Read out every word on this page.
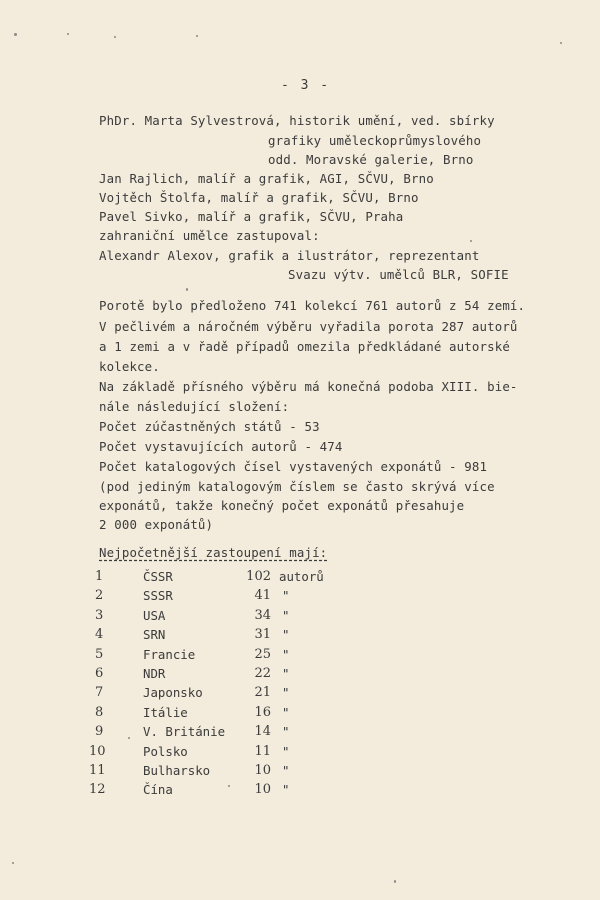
- 3 -
PhDr. Marta Sylvestrová, historik umění, ved. sbírky
grafiky uměleckoprůmyslového
odd. Moravské galerie, Brno
Jan Rajlich, malíř a grafik, AGI, SČVU, Brno
Vojtěch Štolfa, malíř a grafik, SČVU, Brno
Pavel Sivko, malíř a grafik, SČVU, Praha
zahraniční umělce zastupoval:
Alexandr Alexov, grafik a ilustrátor, reprezentant
Svazu výtv. umělců BLR, SOFIE
Porotě bylo předloženo 741 kolekcí 761 autorů z 54 zemí.
V pečlivém a náročném výběru vyřadila porota 287 autorů
a 1 zemi a v řadě případů omezila předkládané autorské
kolekce.
Na základě přísného výběru má konečná podoba XIII. bie-
nále následující složení:
Počet zúčastněných států - 53
Počet vystavujících autorů - 474
Počet katalogových čísel vystavených exponátů - 981
(pod jediným katalogovým číslem se často skrývá více
exponátů, takže konečný počet exponátů přesahuje
2 000 exponátů)
Nejpočetnější zastoupení mají:
1	ČSSR	102 autorů
2	SSSR	41 "
3	USA	34 "
4	SRN	31 "
5	Francie	25 "
6	NDR	22 "
7	Japonsko	21 "
8	Itálie	16 "
9	V. Británie	14 "
10	Polsko	11 "
11	Bulharsko	10 "
12	Čína	10 "
